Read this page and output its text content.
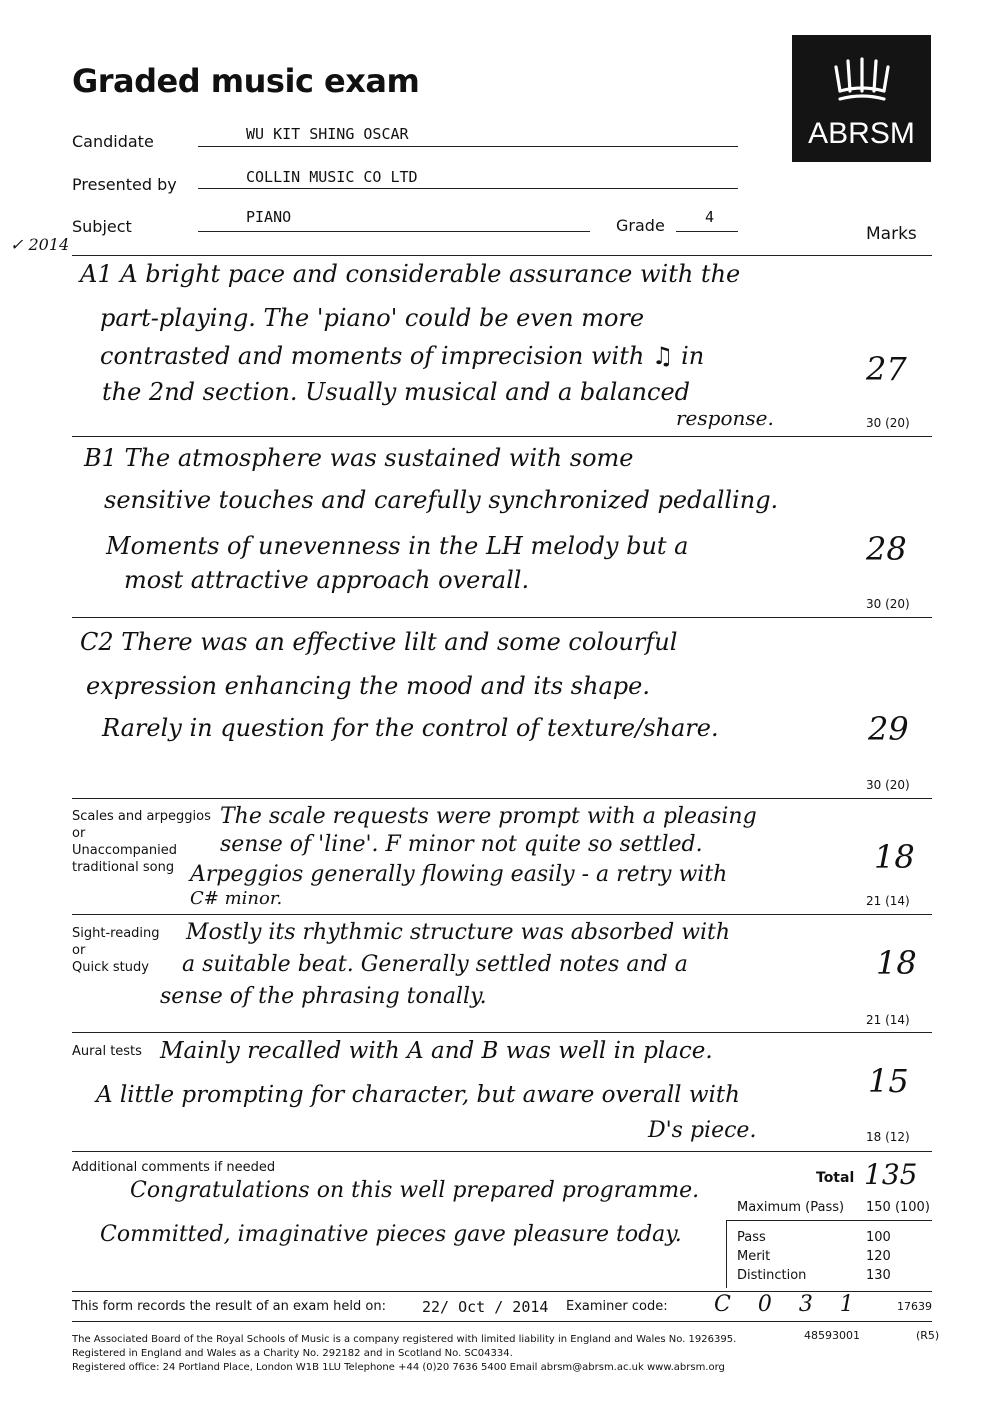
Graded music exam
ABRSM
Candidate	WU KIT SHING OSCAR
Presented by	COLLIN MUSIC CO LTD
Subject	PIANO	Grade	4
Marks
✓ 2014
A1 A bright pace and considerable assurance with the
part-playing. The 'piano' could be even more
contrasted and moments of imprecision with ♫ in
the 2nd section. Usually musical and a balanced
response.
27
30 (20)
B1 The atmosphere was sustained with some
sensitive touches and carefully synchronized pedalling.
Moments of unevenness in the LH melody but a
most attractive approach overall.
28
30 (20)
C2 There was an effective lilt and some colourful
expression enhancing the mood and its shape.
Rarely in question for the control of texture/share.	29
30 (20)
Scales and arpeggios
or
Unaccompanied
traditional song
The scale requests were prompt with a pleasing
sense of 'line'. F minor not quite so settled.
Arpeggios generally flowing easily - a retry with
C# minor.
18
21 (14)
Sight-reading
or
Quick study
Mostly its rhythmic structure was absorbed with
a suitable beat. Generally settled notes and a
sense of the phrasing tonally.
18
21 (14)
Aural tests Mainly recalled with A and B was well in place.
A little prompting for character, but aware overall with
D's piece.
15
18 (12)
Additional comments if needed
Congratulations on this well prepared programme.
Committed, imaginative pieces gave pleasure today.
Total 135
Maximum (Pass) 150 (100)
Pass	100
Merit	120
Distinction	130
This form records the result of an exam held on: 22/ Oct / 2014 Examiner code: C 0 3 1	17639
The Associated Board of the Royal Schools of Music is a company registered with limited liability in England and Wales No. 1926395.
Registered in England and Wales as a Charity No. 292182 and in Scotland No. SC04334.
Registered office: 24 Portland Place, London W1B 1LU Telephone +44 (0)20 7636 5400 Email abrsm@abrsm.ac.uk www.abrsm.org
48593001	(R5)
